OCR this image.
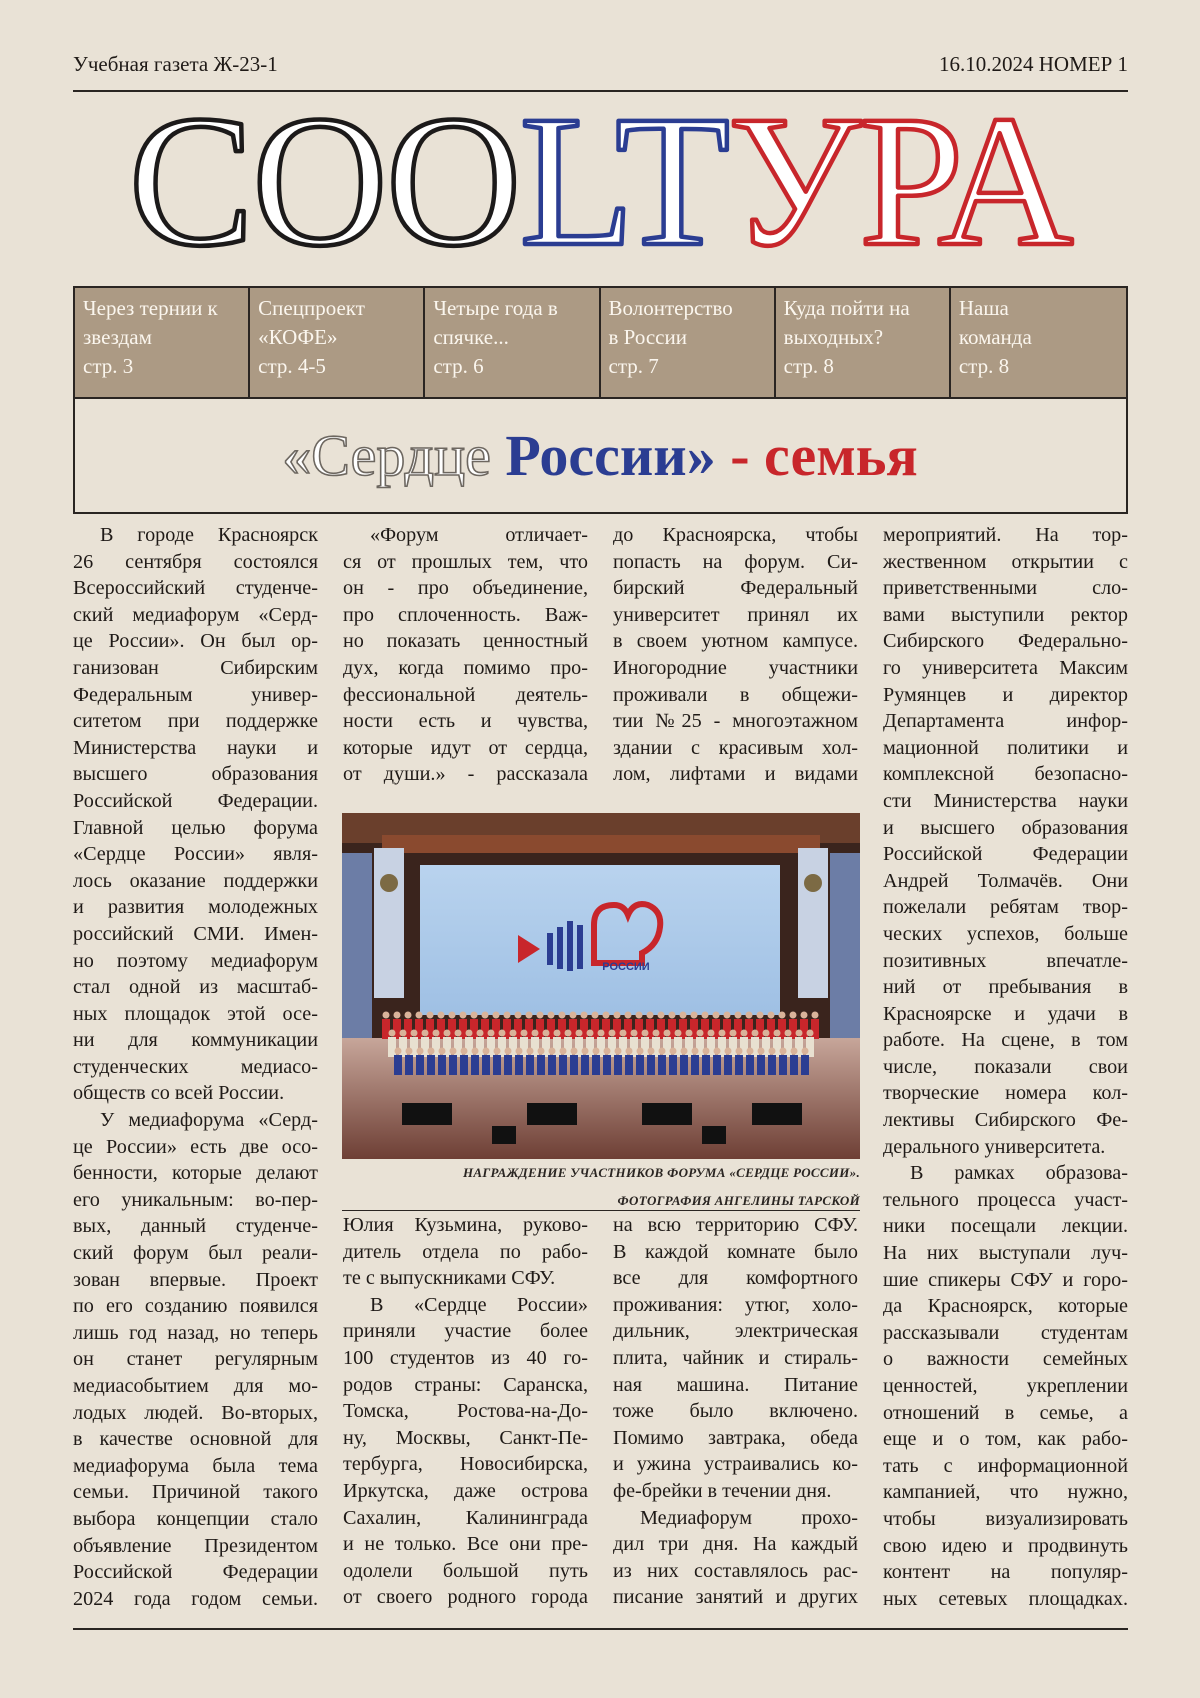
Учебная газета Ж-23-1	16.10.2024 НОМЕР 1
COOLTУРА
Через тернии к
звездам
стр. 3
Спецпроект
«КОФЕ»
стр. 4-5
Четыре года в
спячке...
стр. 6
Волонтерство
в России
стр. 7
Куда пойти на
выходных?
стр. 8
Наша
команда
стр. 8
«Сердце России» - семья
В городе Красноярск
26 сентября состоялся
Всероссийский студенче-
ский медиафорум «Серд-
це России». Он был ор-
ганизован Сибирским
Федеральным универ-
ситетом при поддержке
Министерства науки и
высшего образования
Российской Федерации.
Главной целью форума
«Сердце России» явля-
лось оказание поддержки
и развития молодежных
российский СМИ. Имен-
но поэтому медиафорум
стал одной из масштаб-
ных площадок этой осе-
ни для коммуникации
студенческих медиасо-
обществ со всей России.
У медиафорума «Серд-
це России» есть две осо-
бенности, которые делают
его уникальным: во-пер-
вых, данный студенче-
ский форум был реали-
зован впервые. Проект
по его созданию появился
лишь год назад, но теперь
он станет регулярным
медиасобытием для мо-
лодых людей. Во-вторых,
в качестве основной для
медиафорума была тема
семьи. Причиной такого
выбора концепции стало
объявление Президентом
Российской Федерации
2024 года годом семьи.
«Форум отличает-
ся от прошлых тем, что
он - про объединение,
про сплоченность. Важ-
но показать ценностный
дух, когда помимо про-
фессиональной деятель-
ности есть и чувства,
которые идут от сердца,
от души.» - рассказала
до Красноярска, чтобы
попасть на форум. Си-
бирский Федеральный
университет принял их
в своем уютном кампусе.
Иногородние участники
проживали в общежи-
тии №25 - многоэтажном
здании с красивым хол-
лом, лифтами и видами
мероприятий. На тор-
жественном открытии с
приветственными сло-
вами выступили ректор
Сибирского Федерально-
го университета Максим
Румянцев и директор
Департамента инфор-
мационной политики и
комплексной безопасно-
сти Министерства науки
и высшего образования
Российской Федерации
Андрей Толмачёв. Они
пожелали ребятам твор-
ческих успехов, больше
позитивных впечатле-
ний от пребывания в
Красноярске и удачи в
работе. На сцене, в том
числе, показали свои
творческие номера кол-
лективы Сибирского Фе-
дерального университета.
В рамках образова-
тельного процесса участ-
ники посещали лекции.
На них выступали луч-
шие спикеры СФУ и горо-
да Красноярск, которые
рассказывали студентам
о важности семейных
ценностей, укреплении
отношений в семье, а
еще и о том, как рабо-
тать с информационной
кампанией, что нужно,
чтобы визуализировать
свою идею и продвинуть
контент на популяр-
ных сетевых площадках.
Юлия Кузьмина, руково-
дитель отдела по рабо-
те с выпускниками СФУ.
В «Сердце России»
приняли участие более
100 студентов из 40 го-
родов страны: Саранска,
Томска, Ростова-на-До-
ну, Москвы, Санкт-Пе-
тербурга, Новосибирска,
Иркутска, даже острова
Сахалин, Калининграда
и не только. Все они пре-
одолели большой путь
от своего родного города
на всю территорию СФУ.
В каждой комнате было
все для комфортного
проживания: утюг, холо-
дильник, электрическая
плита, чайник и стираль-
ная машина. Питание
тоже было включено.
Помимо завтрака, обеда
и ужина устраивались ко-
фе-брейки в течении дня.
Медиафорум прохо-
дил три дня. На каждый
из них составлялось рас-
писание занятий и других
РОССИИ
НАГРАЖДЕНИЕ УЧАСТНИКОВ ФОРУМА «СЕРДЦЕ РОССИИ».
ФОТОГРАФИЯ АНГЕЛИНЫ ТАРСКОЙ
